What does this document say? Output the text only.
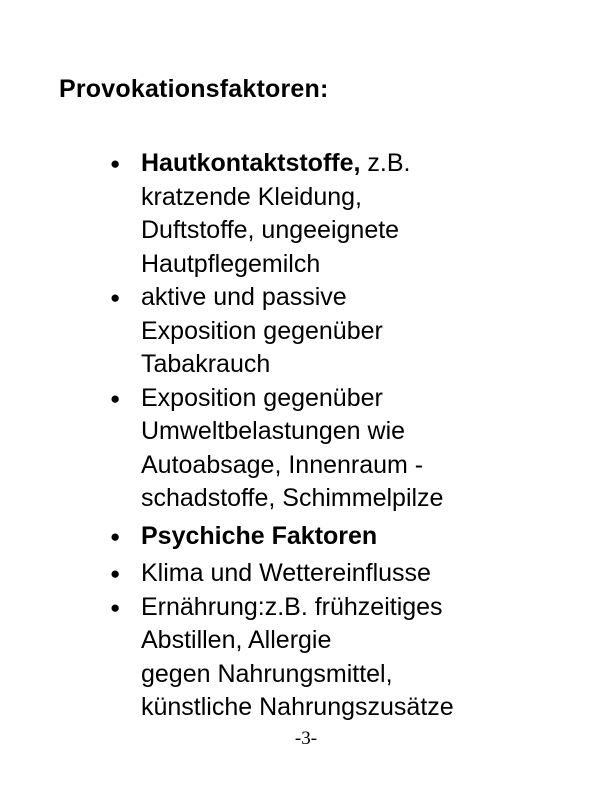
Provokationsfaktoren:
● Hautkontaktstoffe, z.B.
kratzende Kleidung,
Duftstoffe, ungeeignete
Hautpflegemilch
● aktive und passive
Exposition gegenüber
Tabakrauch
● Exposition gegenüber
Umweltbelastungen wie
Autoabsage, Innenraum -
schadstoffe, Schimmelpilze
● Psychiche Faktoren
● Klima und Wettereinflusse
● Ernährung:z.B. frühzeitiges
Abstillen, Allergie
gegen Nahrungsmittel,
künstliche Nahrungszusätze
-3-
